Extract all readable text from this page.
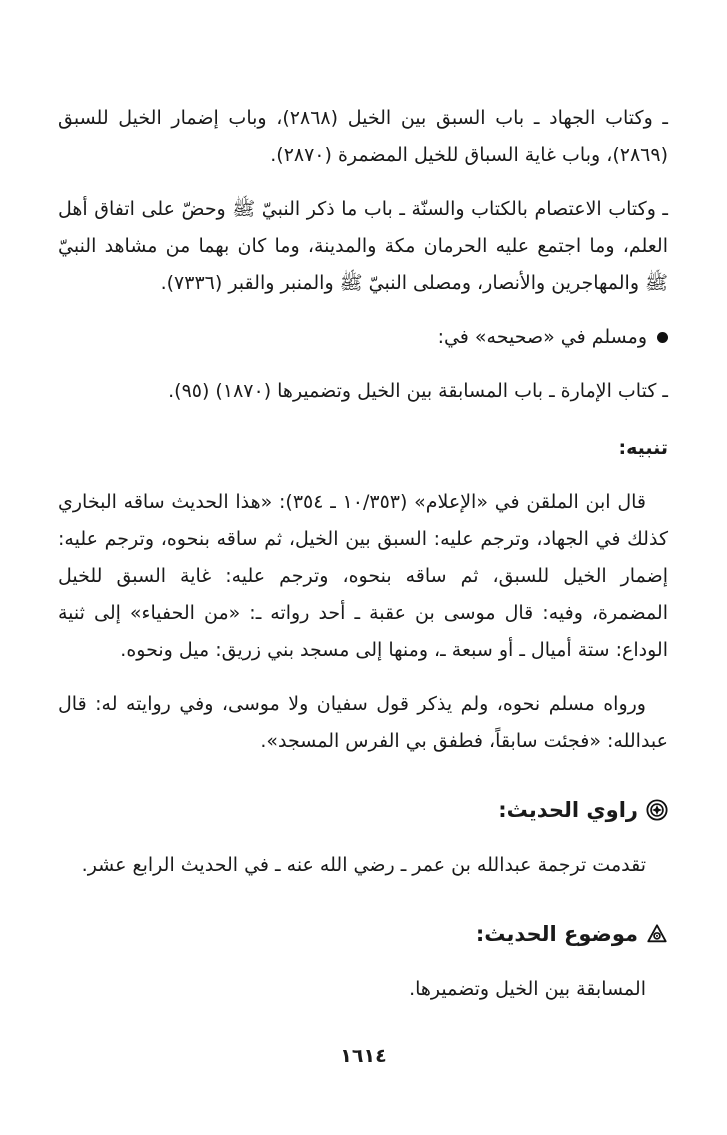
ـ وكتاب الجهاد ـ باب السبق بين الخيل (٢٨٦٨)، وباب إضمار الخيل للسبق (٢٨٦٩)، وباب غاية السباق للخيل المضمرة (٢٨٧٠).

ـ وكتاب الاعتصام بالكتاب والسنّة ـ باب ما ذكر النبيّ ﷺ وحضّ على اتفاق أهل العلم، وما اجتمع عليه الحرمان مكة والمدينة، وما كان بهما من مشاهد النبيّ ﷺ والمهاجرين والأنصار، ومصلى النبيّ ﷺ والمنبر والقبر (٧٣٣٦).

ومسلم في «صحيحه» في:

ـ كتاب الإمارة ـ باب المسابقة بين الخيل وتضميرها (١٨٧٠) (٩٥).

تنبيه:

قال ابن الملقن في «الإعلام» (١٠/٣٥٣ ـ ٣٥٤): «هذا الحديث ساقه البخاري كذلك في الجهاد، وترجم عليه: السبق بين الخيل، ثم ساقه بنحوه، وترجم عليه: إضمار الخيل للسبق، ثم ساقه بنحوه، وترجم عليه: غاية السبق للخيل المضمرة، وفيه: قال موسى بن عقبة ـ أحد رواته ـ: «من الحفياء» إلى ثنية الوداع: ستة أميال ـ أو سبعة ـ، ومنها إلى مسجد بني زريق: ميل ونحوه.

ورواه مسلم نحوه، ولم يذكر قول سفيان ولا موسى، وفي روايته له: قال عبدالله: «فجئت سابقاً، فطفق بي الفرس المسجد».

راوي الحديث:

تقدمت ترجمة عبدالله بن عمر ـ رضي الله عنه ـ في الحديث الرابع عشر.

موضوع الحديث:

المسابقة بين الخيل وتضميرها.

١٦١٤
